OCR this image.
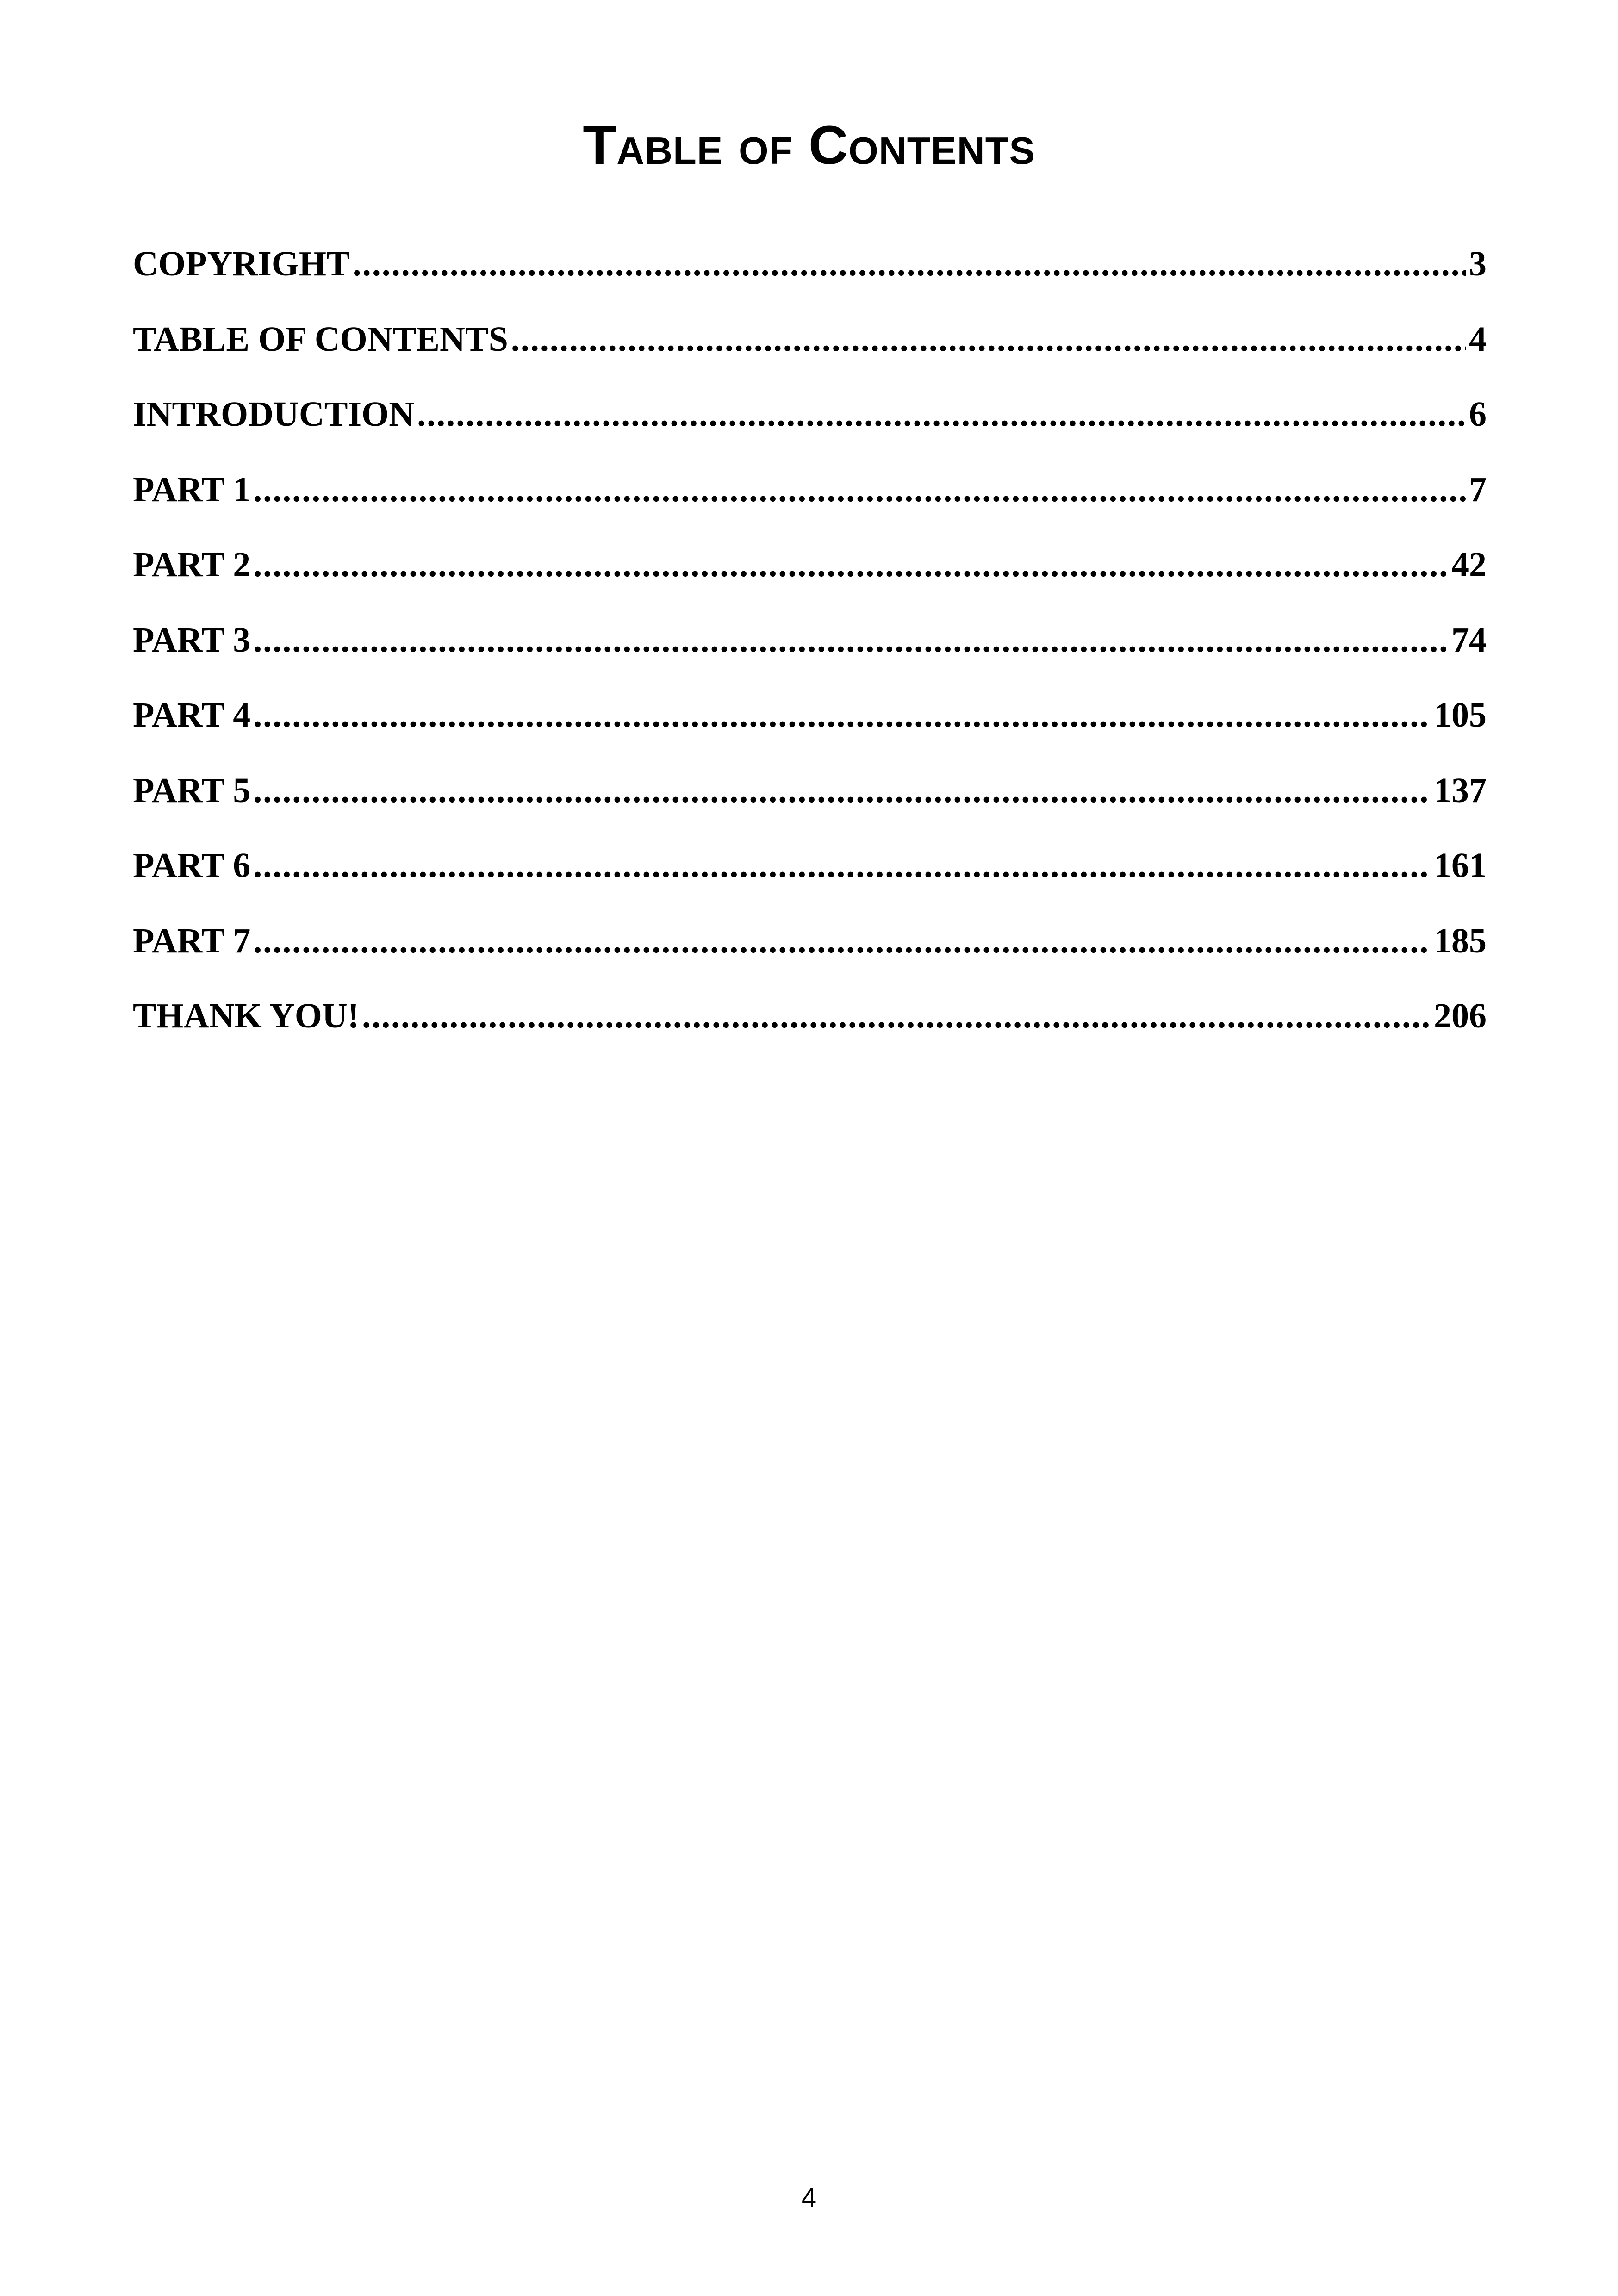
Table of Contents
COPYRIGHT .....	3
TABLE OF CONTENTS .....	4
INTRODUCTION .....	6
PART 1 .....	7
PART 2 .....	42
PART 3 .....	74
PART 4 .....	105
PART 5 .....	137
PART 6 .....	161
PART 7 .....	185
THANK YOU! .....	206
4
